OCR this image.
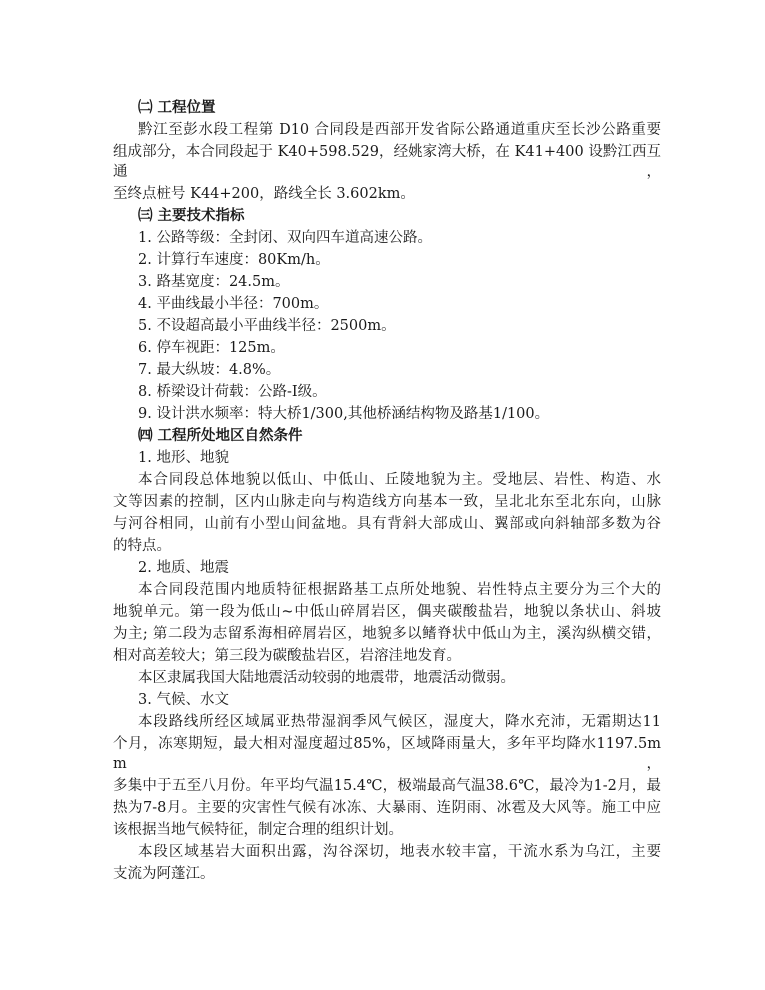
㈡ 工程位置
黔江至彭水段工程第 D10 合同段是西部开发省际公路通道重庆至长沙公路重要
组成部分，本合同段起于 K40+598.529，经姚家湾大桥，在 K41+400 设黔江西互通，
至终点桩号 K44+200，路线全长 3.602km。
㈢ 主要技术指标
1. 公路等级：全封闭、双向四车道高速公路。
2. 计算行车速度：80Km/h。
3. 路基宽度：24.5m。
4. 平曲线最小半径：700m。
5. 不设超高最小平曲线半径：2500m。
6. 停车视距：125m。
7. 最大纵坡：4.8%。
8. 桥梁设计荷载：公路-Ⅰ级。
9. 设计洪水频率：特大桥1/300,其他桥涵结构物及路基1/100。
㈣ 工程所处地区自然条件
1. 地形、地貌
本合同段总体地貌以低山、中低山、丘陵地貌为主。受地层、岩性、构造、水
文等因素的控制，区内山脉走向与构造线方向基本一致，呈北北东至北东向，山脉
与河谷相同，山前有小型山间盆地。具有背斜大部成山、翼部或向斜轴部多数为谷
的特点。
2. 地质、地震
本合同段范围内地质特征根据路基工点所处地貌、岩性特点主要分为三个大的
地貌单元。第一段为低山~中低山碎屑岩区，偶夹碳酸盐岩，地貌以条状山、斜坡
为主; 第二段为志留系海相碎屑岩区，地貌多以鳍脊状中低山为主，溪沟纵横交错，
相对高差较大；第三段为碳酸盐岩区，岩溶洼地发育。
本区隶属我国大陆地震活动较弱的地震带，地震活动微弱。
3. 气候、水文
本段路线所经区域属亚热带湿润季风气候区，湿度大，降水充沛，无霜期达11
个月，冻寒期短，最大相对湿度超过85%，区域降雨量大，多年平均降水1197.5mm，
多集中于五至八月份。年平均气温15.4℃，极端最高气温38.6℃，最冷为1-2月，最
热为7-8月。主要的灾害性气候有冰冻、大暴雨、连阴雨、冰雹及大风等。施工中应
该根据当地气候特征，制定合理的组织计划。
本段区域基岩大面积出露，沟谷深切，地表水较丰富，干流水系为乌江，主要
支流为阿蓬江。
